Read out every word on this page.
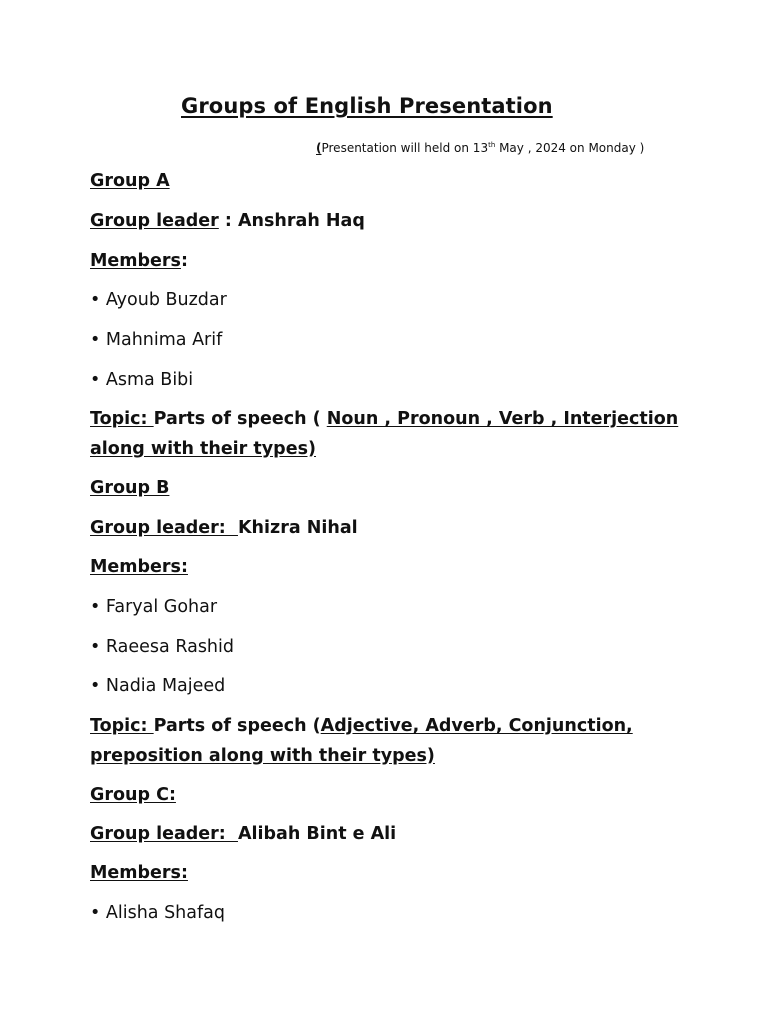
Groups of English Presentation
(Presentation will held on 13th May , 2024 on Monday )
Group A
Group leader : Anshrah Haq
Members:
• Ayoub Buzdar
• Mahnima Arif
• Asma Bibi
Topic: Parts of speech ( Noun , Pronoun , Verb , Interjection along with their types)
Group B
Group leader:  Khizra Nihal
Members:
• Faryal Gohar
• Raeesa Rashid
• Nadia Majeed
Topic: Parts of speech (Adjective, Adverb, Conjunction, preposition along with their types)
Group C:
Group leader:  Alibah Bint e Ali
Members:
• Alisha Shafaq
